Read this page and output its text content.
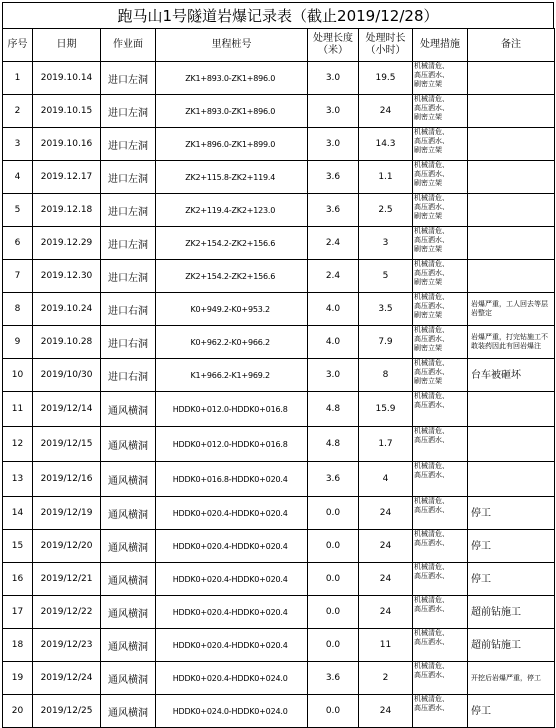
跑马山1号隧道岩爆记录表（截止2019/12/28）
序号	日期	作业面	里程桩号	处理长度（米）	处理时长（小时）	处理措施	备注
1	2019.10.14	进口左洞	ZK1+893.0-ZK1+896.0	3.0	19.5	机械清危、
高压洒水、
刷密立架	

2	2019.10.15	进口左洞	ZK1+893.0-ZK1+896.0	3.0	24	机械清危、
高压洒水、
刷密立架	

3	2019.10.16	进口左洞	ZK1+896.0-ZK1+899.0	3.0	14.3	机械清危、
高压洒水、
刷密立架	

4	2019.12.17	进口左洞	ZK2+115.8-ZK2+119.4	3.6	1.1	机械清危、
高压洒水、
刷密立架	

5	2019.12.18	进口左洞	ZK2+119.4-ZK2+123.0	3.6	2.5	机械清危、
高压洒水、
刷密立架	

6	2019.12.29	进口左洞	ZK2+154.2-ZK2+156.6	2.4	3	机械清危、
高压洒水、
刷密立架	

7	2019.12.30	进口左洞	ZK2+154.2-ZK2+156.6	2.4	5	机械清危、
高压洒水、
刷密立架	

8	2019.10.24	进口右洞	K0+949.2-K0+953.2	4.0	3.5	机械清危、
高压洒水、
刷密立架	岩爆严重，工人回去等层岩整定
9	2019.10.28	进口右洞	K0+962.2-K0+966.2	4.0	7.9	机械清危、
高压洒水、
刷密立架	岩爆严重，打完钻施工不敢装药因此有回岩爆注
10	2019/10/30	进口右洞	K1+966.2-K1+969.2	3.0	8	机械清危、
高压洒水、
刷密立架	台车被砸坏
11	2019/12/14	通风横洞	HDDK0+012.0-HDDK0+016.8	4.8	15.9	机械清危、
高压洒水、	

12	2019/12/15	通风横洞	HDDK0+012.0-HDDK0+016.8	4.8	1.7	机械清危、
高压洒水、	

13	2019/12/16	通风横洞	HDDK0+016.8-HDDK0+020.4	3.6	4	机械清危、
高压洒水、	

14	2019/12/19	通风横洞	HDDK0+020.4-HDDK0+020.4	0.0	24	机械清危、
高压洒水、	停工
15	2019/12/20	通风横洞	HDDK0+020.4-HDDK0+020.4	0.0	24	机械清危、
高压洒水、	停工
16	2019/12/21	通风横洞	HDDK0+020.4-HDDK0+020.4	0.0	24	机械清危、
高压洒水、	停工
17	2019/12/22	通风横洞	HDDK0+020.4-HDDK0+020.4	0.0	24	机械清危、
高压洒水、	超前钻施工
18	2019/12/23	通风横洞	HDDK0+020.4-HDDK0+020.4	0.0	11	机械清危、
高压洒水、	超前钻施工
19	2019/12/24	通风横洞	HDDK0+020.4-HDDK0+024.0	3.6	2	机械清危、
高压洒水、	开挖后岩爆严重，停工
20	2019/12/25	通风横洞	HDDK0+024.0-HDDK0+024.0	0.0	24	机械清危、
高压洒水、	停工
